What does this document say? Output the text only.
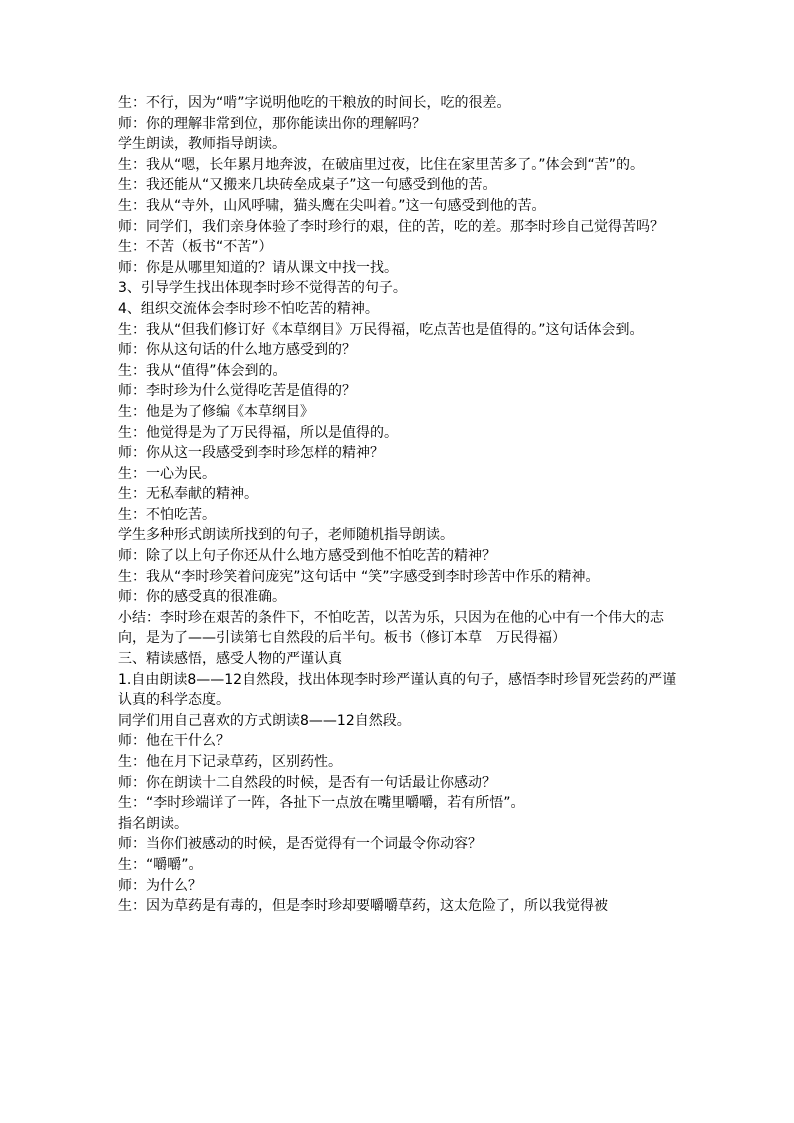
生：不行，因为“啃”字说明他吃的干粮放的时间长，吃的很差。

师：你的理解非常到位，那你能读出你的理解吗？

学生朗读，教师指导朗读。

生：我从“嗯，长年累月地奔波，在破庙里过夜，比住在家里苦多了。”体会到“苦”的。

生：我还能从“又搬来几块砖垒成桌子”这一句感受到他的苦。

生：我从“寺外，山风呼啸，猫头鹰在尖叫着。”这一句感受到他的苦。

师：同学们，我们亲身体验了李时珍行的艰，住的苦，吃的差。那李时珍自己觉得苦吗？

生：不苦（板书“不苦”）

师：你是从哪里知道的？请从课文中找一找。

3、引导学生找出体现李时珍不觉得苦的句子。

4、组织交流体会李时珍不怕吃苦的精神。

生：我从“但我们修订好《本草纲目》万民得福，吃点苦也是值得的。”这句话体会到。

师：你从这句话的什么地方感受到的？

生：我从“值得”体会到的。

师：李时珍为什么觉得吃苦是值得的？

生：他是为了修编《本草纲目》

生：他觉得是为了万民得福，所以是值得的。

师：你从这一段感受到李时珍怎样的精神？

生：一心为民。

生：无私奉献的精神。

生：不怕吃苦。

学生多种形式朗读所找到的句子，老师随机指导朗读。

师：除了以上句子你还从什么地方感受到他不怕吃苦的精神？

生：我从“李时珍笑着问庞宪”这句话中 “笑”字感受到李时珍苦中作乐的精神。

师：你的感受真的很准确。

小结：李时珍在艰苦的条件下，不怕吃苦，以苦为乐，只因为在他的心中有一个伟大的志向，是为了——引读第七自然段的后半句。板书（修订本草　万民得福）

三、精读感悟，感受人物的严谨认真

1.自由朗读8——12自然段，找出体现李时珍严谨认真的句子，感悟李时珍冒死尝药的严谨认真的科学态度。

同学们用自己喜欢的方式朗读8——12自然段。

师：他在干什么？

生：他在月下记录草药，区别药性。

师：你在朗读十二自然段的时候，是否有一句话最让你感动？

生：“李时珍端详了一阵，各扯下一点放在嘴里嚼嚼，若有所悟”。

指名朗读。

师：当你们被感动的时候，是否觉得有一个词最令你动容？

生：“嚼嚼”。

师：为什么？

生：因为草药是有毒的，但是李时珍却要嚼嚼草药，这太危险了，所以我觉得被
